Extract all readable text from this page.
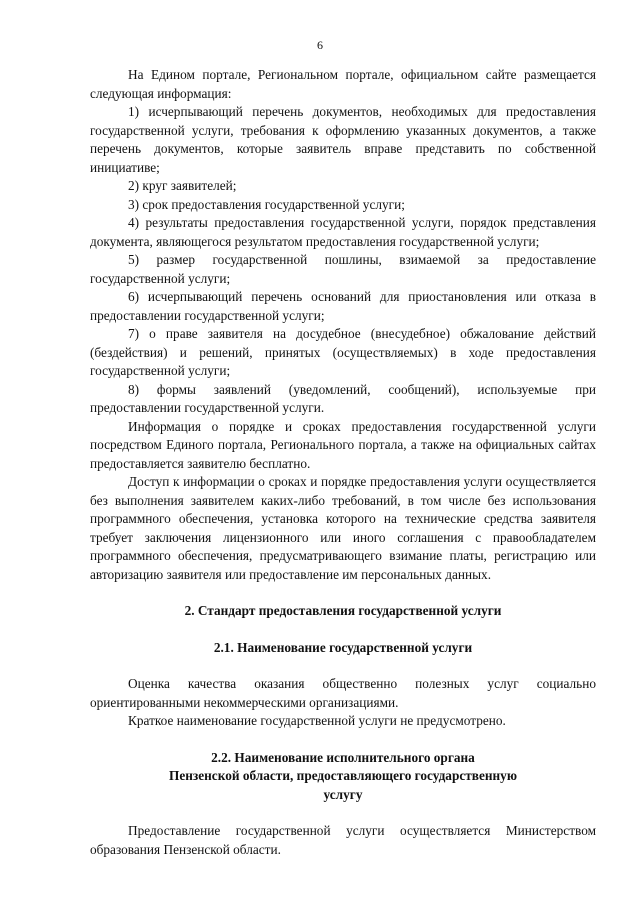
6

На Едином портале, Региональном портале, официальном сайте размещается следующая информация:

1) исчерпывающий перечень документов, необходимых для предоставления государственной услуги, требования к оформлению указанных документов, а также перечень документов, которые заявитель вправе представить по собственной инициативе;

2) круг заявителей;

3) срок предоставления государственной услуги;

4) результаты предоставления государственной услуги, порядок представления документа, являющегося результатом предоставления государственной услуги;

5) размер государственной пошлины, взимаемой за предоставление государственной услуги;

6) исчерпывающий перечень оснований для приостановления или отказа в предоставлении государственной услуги;

7) о праве заявителя на досудебное (внесудебное) обжалование действий (бездействия) и решений, принятых (осуществляемых) в ходе предоставления государственной услуги;

8) формы заявлений (уведомлений, сообщений), используемые при предоставлении государственной услуги.

Информация о порядке и сроках предоставления государственной услуги посредством Единого портала, Регионального портала, а также на официальных сайтах предоставляется заявителю бесплатно.

Доступ к информации о сроках и порядке предоставления услуги осуществляется без выполнения заявителем каких-либо требований, в том числе без использования программного обеспечения, установка которого на технические средства заявителя требует заключения лицензионного или иного соглашения с правообладателем программного обеспечения, предусматривающего взимание платы, регистрацию или авторизацию заявителя или предоставление им персональных данных.

2. Стандарт предоставления государственной услуги

2.1. Наименование государственной услуги

Оценка качества оказания общественно полезных услуг социально ориентированными некоммерческими организациями.

Краткое наименование государственной услуги не предусмотрено.

2.2. Наименование исполнительного органа
Пензенской области, предоставляющего государственную
услугу

Предоставление государственной услуги осуществляется Министерством образования Пензенской области.
